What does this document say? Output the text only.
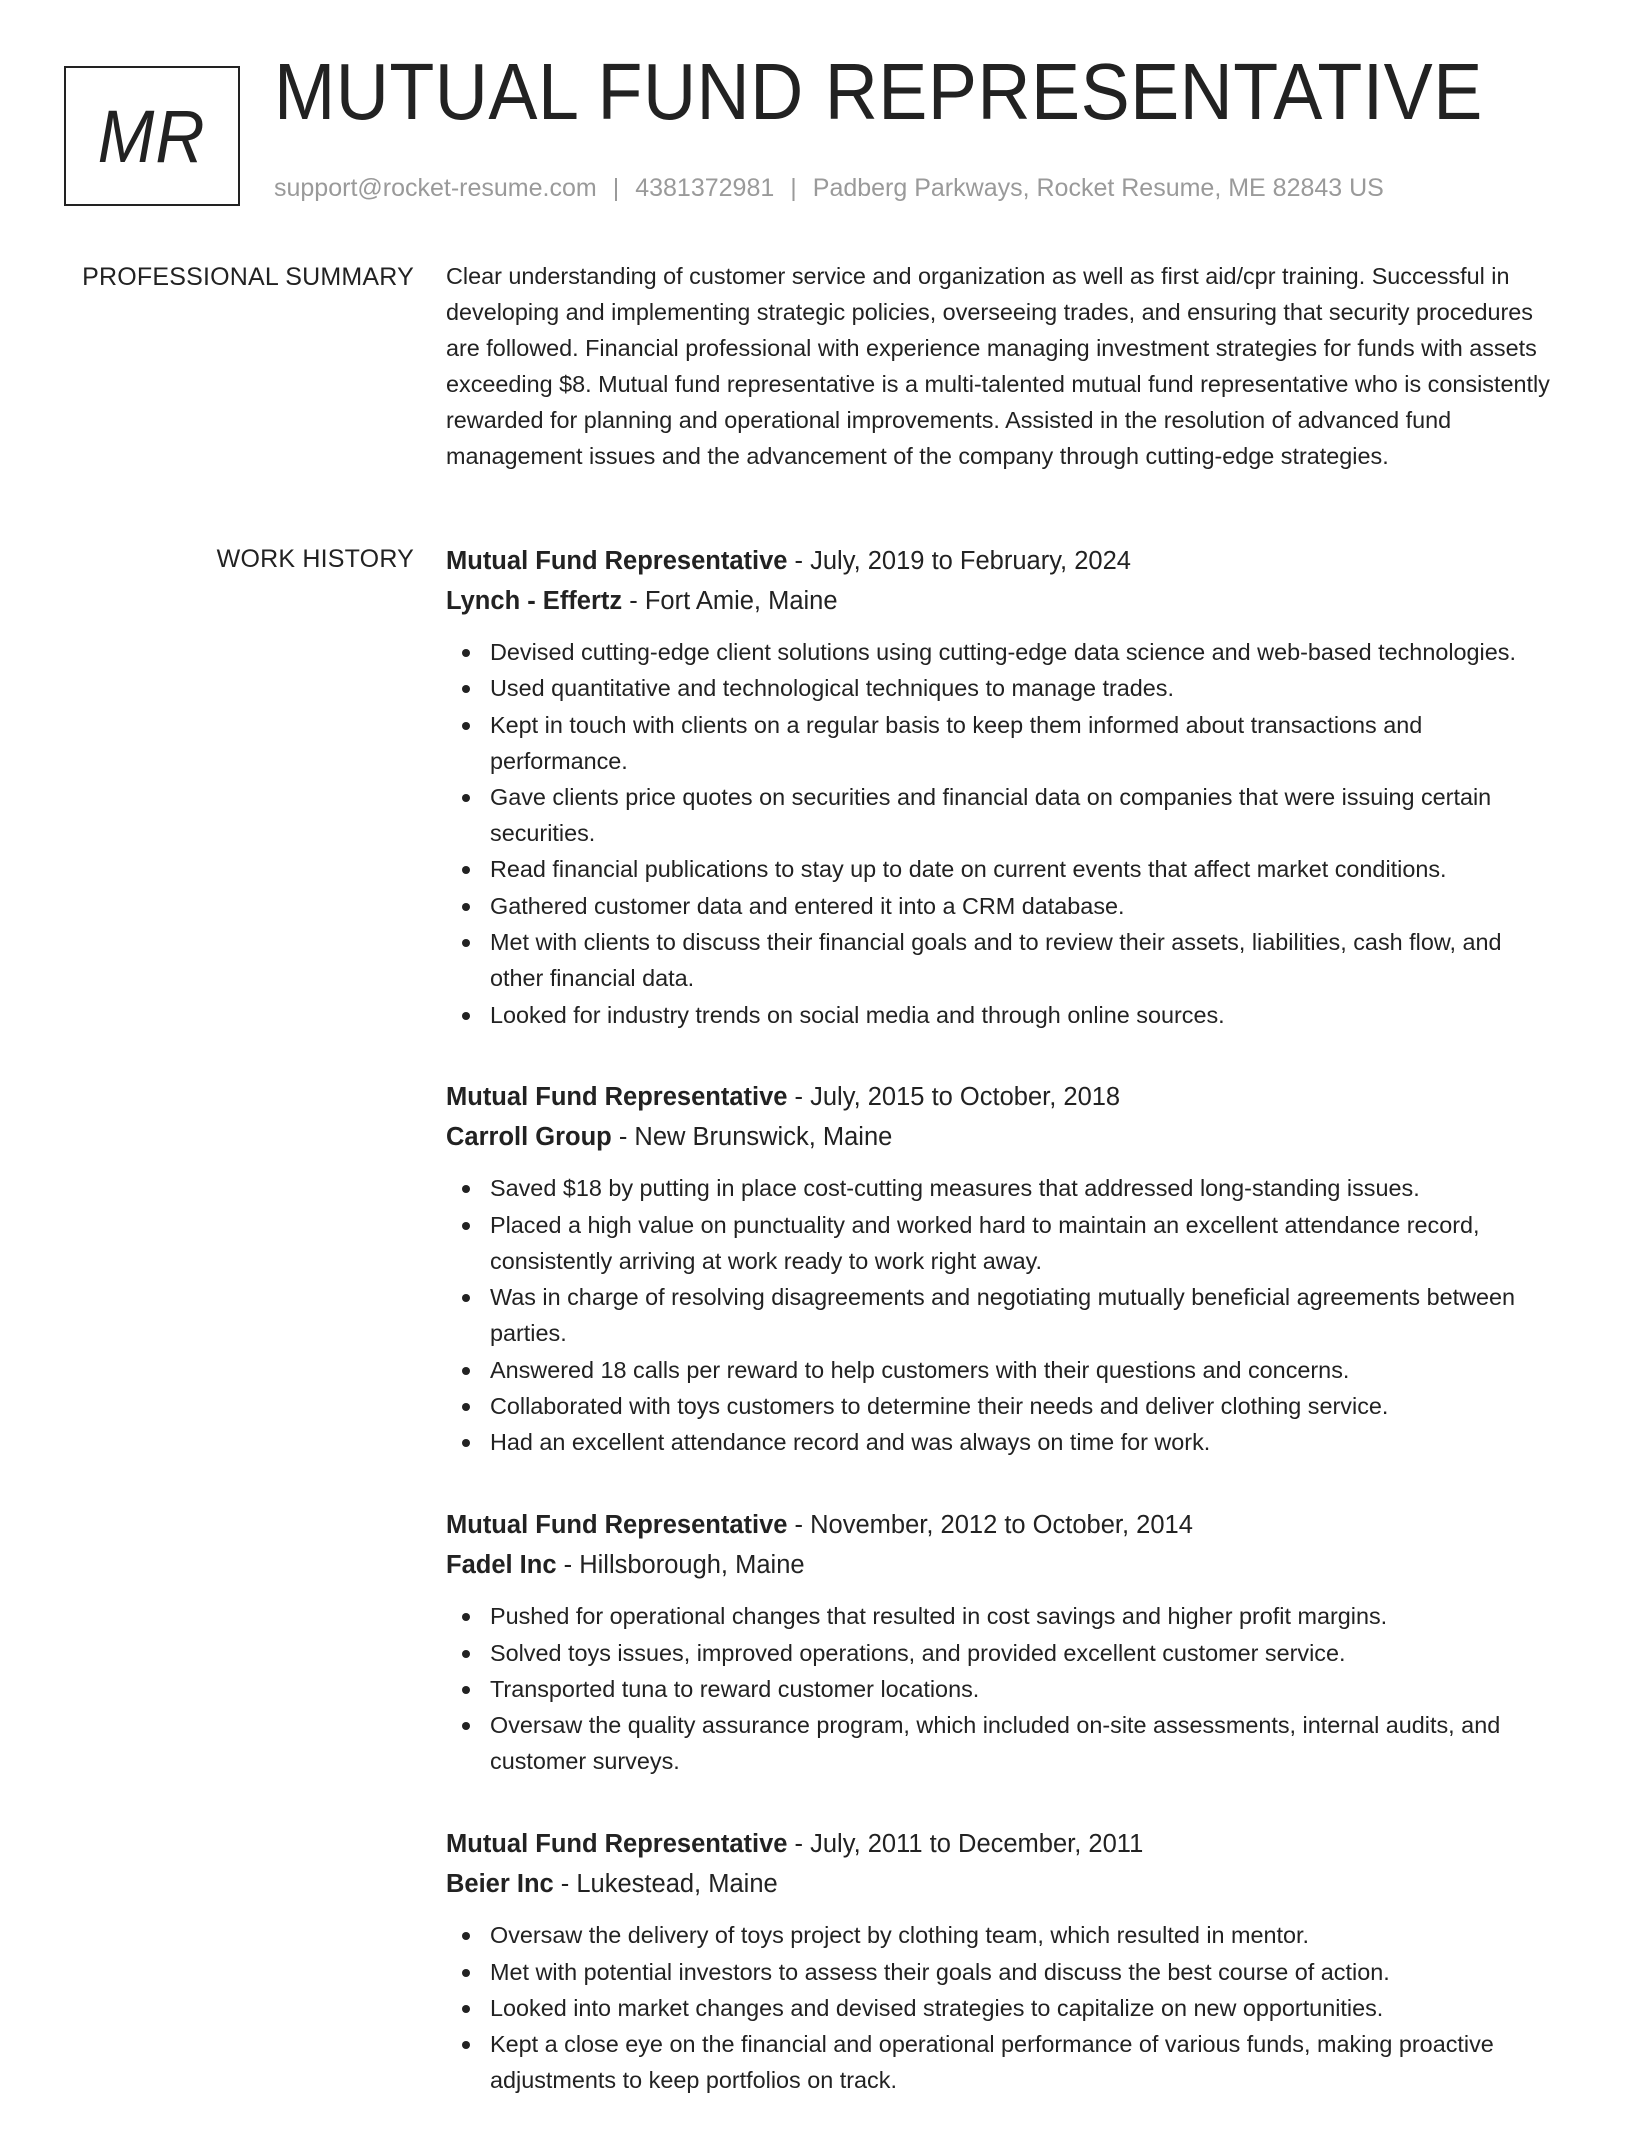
MR MUTUAL FUND REPRESENTATIVE
support@rocket-resume.com | 4381372981 | Padberg Parkways, Rocket Resume, ME 82843 US
PROFESSIONAL SUMMARY Clear understanding of customer service and organization as well as first aid/cpr training. Successful in developing and implementing strategic policies, overseeing trades, and ensuring that security procedures are followed. Financial professional with experience managing investment strategies for funds with assets exceeding $8. Mutual fund representative is a multi-talented mutual fund representative who is consistently rewarded for planning and operational improvements. Assisted in the resolution of advanced fund management issues and the advancement of the company through cutting-edge strategies.

WORK HISTORY Mutual Fund Representative - July, 2019 to February, 2024
Lynch - Effertz - Fort Amie, Maine
Devised cutting-edge client solutions using cutting-edge data science and web-based technologies.
Used quantitative and technological techniques to manage trades.
Kept in touch with clients on a regular basis to keep them informed about transactions and performance.
Gave clients price quotes on securities and financial data on companies that were issuing certain securities.
Read financial publications to stay up to date on current events that affect market conditions.
Gathered customer data and entered it into a CRM database.
Met with clients to discuss their financial goals and to review their assets, liabilities, cash flow, and other financial data.
Looked for industry trends on social media and through online sources.
Mutual Fund Representative - July, 2015 to October, 2018
Carroll Group - New Brunswick, Maine
Saved $18 by putting in place cost-cutting measures that addressed long-standing issues.
Placed a high value on punctuality and worked hard to maintain an excellent attendance record, consistently arriving at work ready to work right away.
Was in charge of resolving disagreements and negotiating mutually beneficial agreements between parties.
Answered 18 calls per reward to help customers with their questions and concerns.
Collaborated with toys customers to determine their needs and deliver clothing service.
Had an excellent attendance record and was always on time for work.
Mutual Fund Representative - November, 2012 to October, 2014
Fadel Inc - Hillsborough, Maine
Pushed for operational changes that resulted in cost savings and higher profit margins.
Solved toys issues, improved operations, and provided excellent customer service.
Transported tuna to reward customer locations.
Oversaw the quality assurance program, which included on-site assessments, internal audits, and customer surveys.
Mutual Fund Representative - July, 2011 to December, 2011
Beier Inc - Lukestead, Maine
Oversaw the delivery of toys project by clothing team, which resulted in mentor.
Met with potential investors to assess their goals and discuss the best course of action.
Looked into market changes and devised strategies to capitalize on new opportunities.
Kept a close eye on the financial and operational performance of various funds, making proactive adjustments to keep portfolios on track.
